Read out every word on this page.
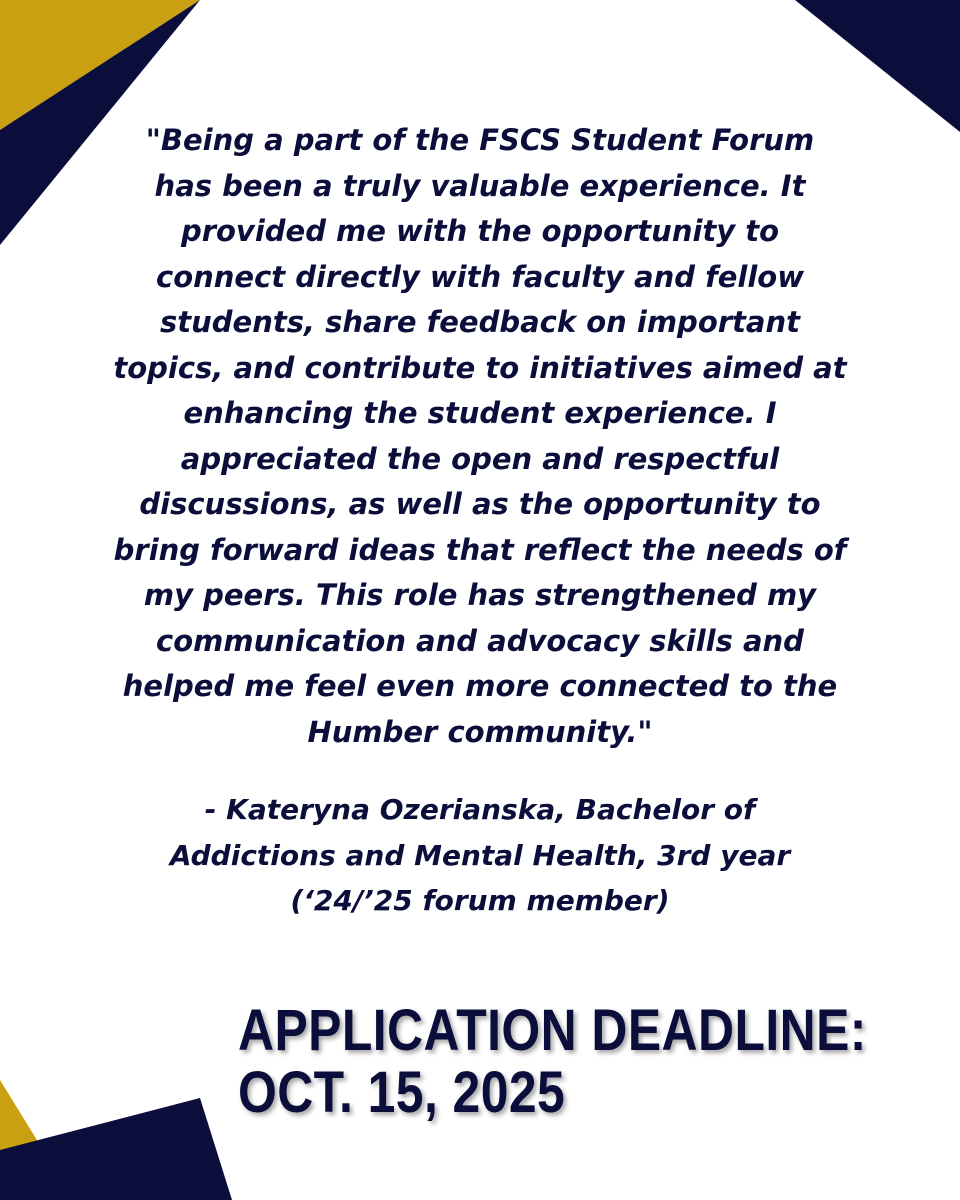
"Being a part of the FSCS Student Forum
has been a truly valuable experience. It
provided me with the opportunity to
connect directly with faculty and fellow
students, share feedback on important
topics, and contribute to initiatives aimed at
enhancing the student experience. I
appreciated the open and respectful
discussions, as well as the opportunity to
bring forward ideas that reflect the needs of
my peers. This role has strengthened my
communication and advocacy skills and
helped me feel even more connected to the
Humber community."

- Kateryna Ozerianska, Bachelor of
Addictions and Mental Health, 3rd year
(‘24/’25 forum member)

APPLICATION DEADLINE:
OCT. 15, 2025
